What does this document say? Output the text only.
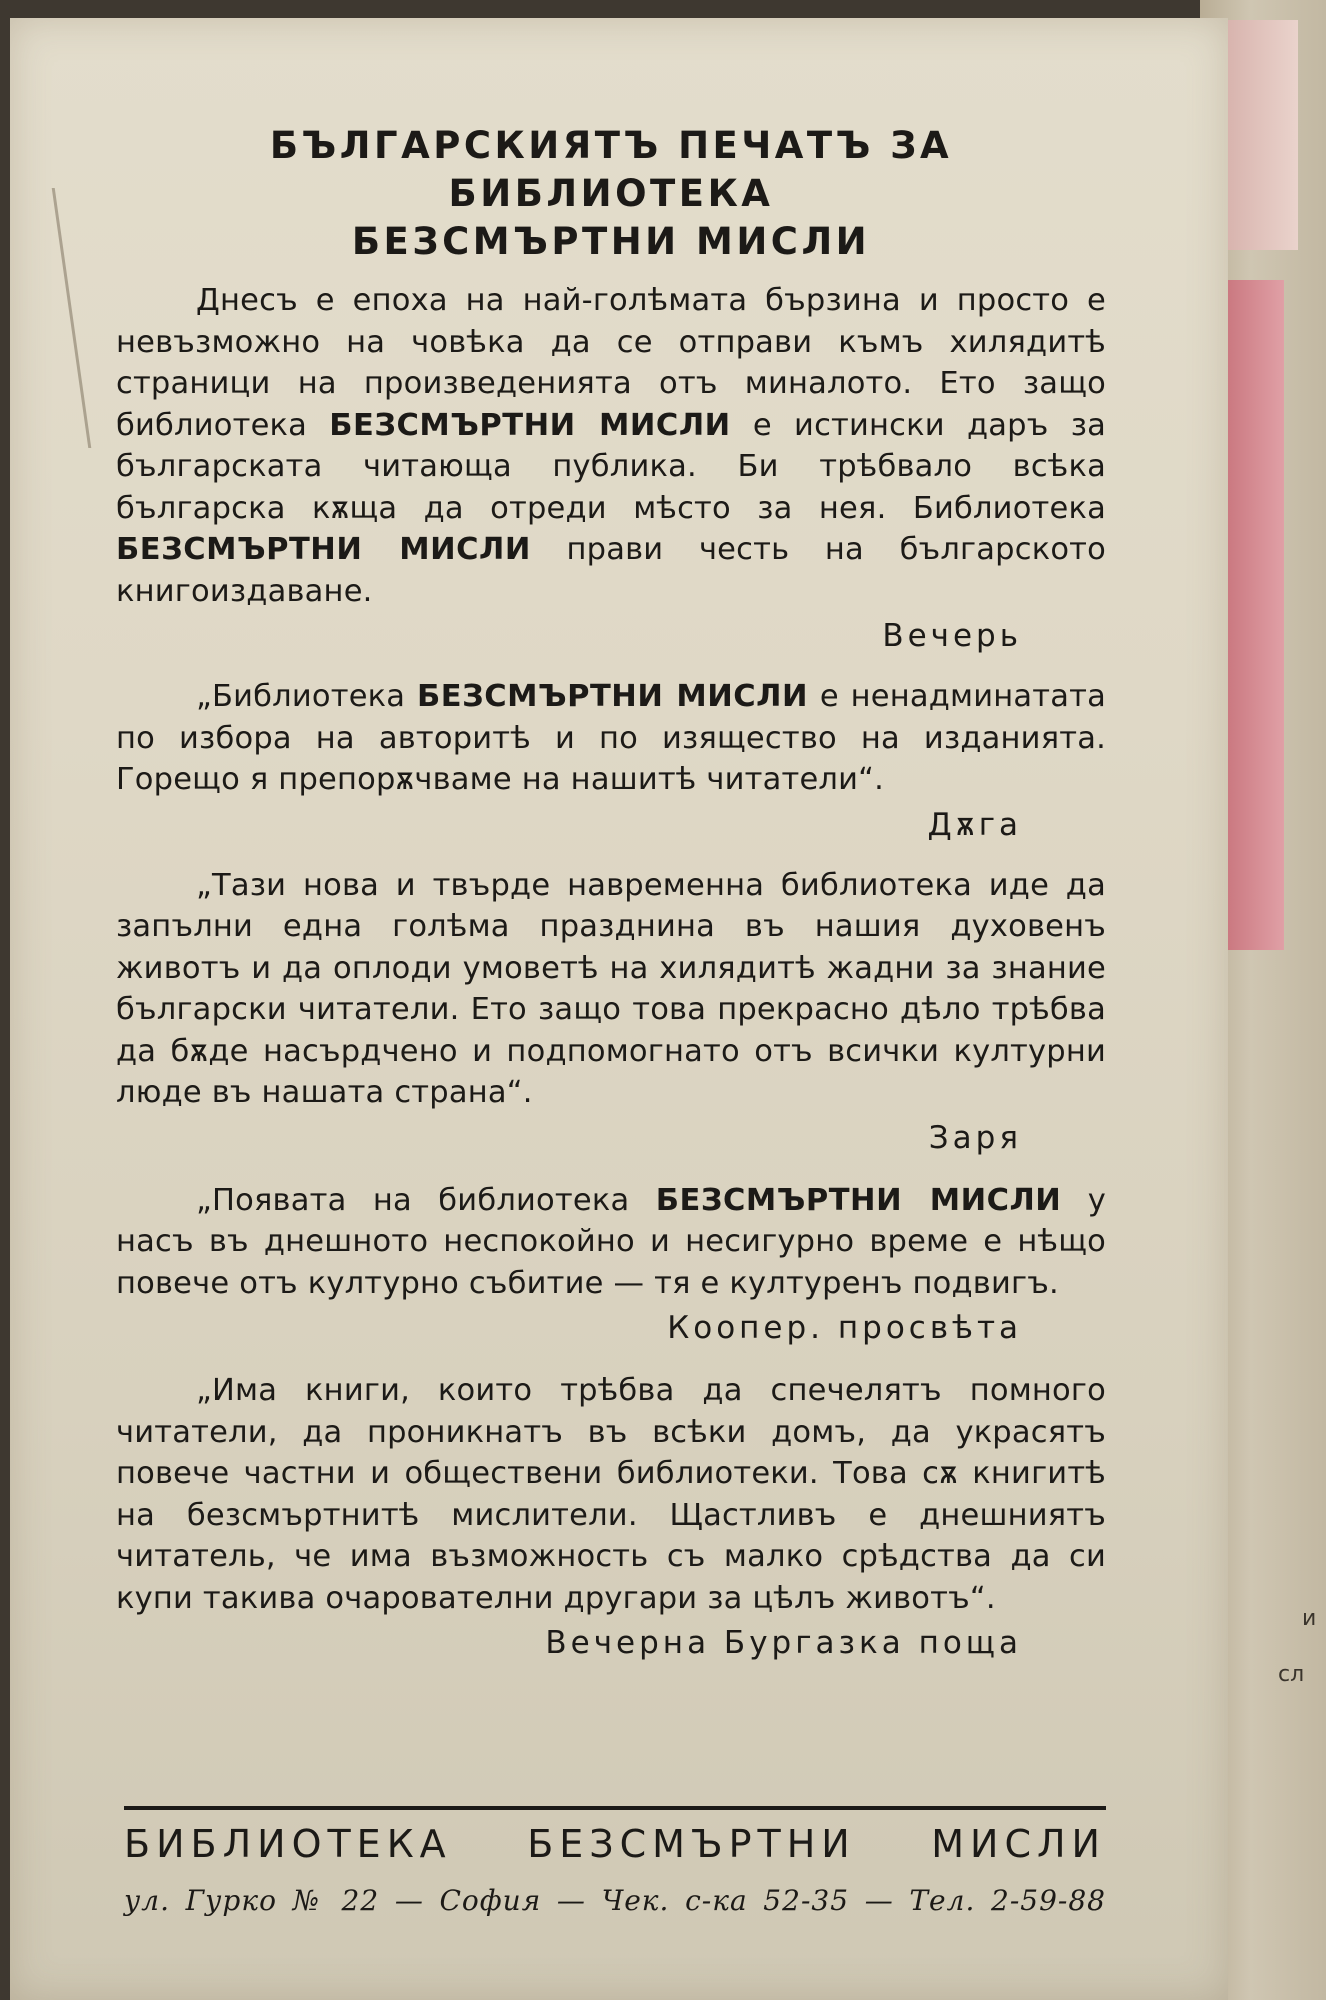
и
сл
БЪЛГАРСКИЯТЪ ПЕЧАТЪ ЗА БИБЛИОТЕКА
БЕЗСМЪРТНИ МИСЛИ

Днесъ е епоха на най-голѣмата бързина и просто е невъзможно на човѣка да се отправи къмъ хилядитѣ страници на произведенията отъ миналото. Ето защо библиотека БЕЗСМЪРТНИ МИСЛИ е истински даръ за българската читающа публика. Би трѣбвало всѣка българска кѫща да отреди мѣсто за нея. Библиотека БЕЗСМЪРТНИ МИСЛИ прави честь на българското книгоиздаване.

Вечерь

„Библиотека БЕЗСМЪРТНИ МИСЛИ е ненадминатата по избора на авторитѣ и по изящество на изданията. Горещо я препорѫчваме на нашитѣ читатели“.

Дѫга

„Тази нова и твърде навременна библиотека иде да запълни една голѣма празднина въ нашия духовенъ животъ и да оплоди умоветѣ на хилядитѣ жадни за знание български читатели. Ето защо това прекрасно дѣло трѣбва да бѫде насърдчено и подпомогнато отъ всички културни люде въ нашата страна“.

Заря

„Появата на библиотека БЕЗСМЪРТНИ МИСЛИ у насъ въ днешното неспокойно и несигурно време е нѣщо повече отъ културно събитие — тя е културенъ подвигъ.

Коопер. просвѣта

„Има книги, които трѣбва да спечелятъ помного читатели, да проникнатъ въ всѣки домъ, да украсятъ повече частни и обществени библиотеки. Това сѫ книгитѣ на безсмъртнитѣ мислители. Щастливъ е днешниятъ читатель, че има възможность съ малко срѣдства да си купи такива очарователни другари за цѣлъ животъ“.

Вечерна Бургазка поща
БИБЛИОТЕКА БЕЗСМЪРТНИ МИСЛИ
ул. Гурко № 22 — София — Чек. с-ка 52-35 — Тел. 2-59-88
